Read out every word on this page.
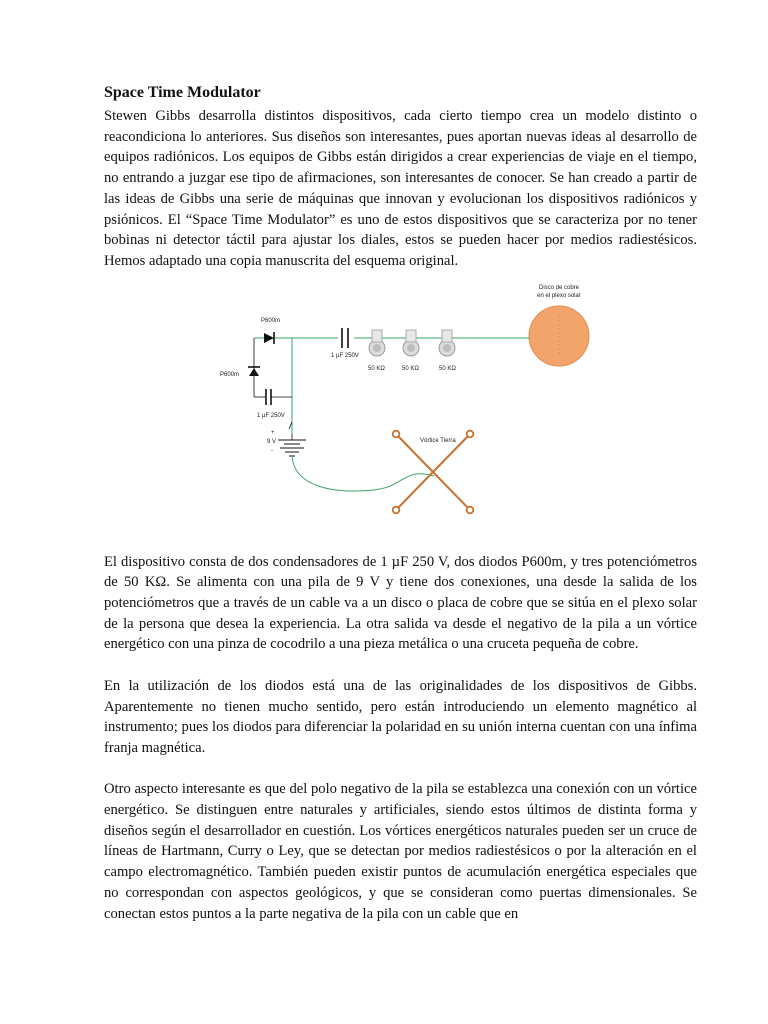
Space Time Modulator

Stewen Gibbs desarrolla distintos dispositivos, cada cierto tiempo crea un modelo distinto o reacondiciona lo anteriores. Sus diseños son interesantes, pues aportan nuevas ideas al desarrollo de equipos radiónicos. Los equipos de Gibbs están dirigidos a crear experiencias de viaje en el tiempo, no entrando a juzgar ese tipo de afirmaciones, son interesantes de conocer. Se han creado a partir de las ideas de Gibbs una serie de máquinas que innovan y evolucionan los dispositivos radiónicos y psiónicos. El “Space Time Modulator” es uno de estos dispositivos que se caracteriza por no tener bobinas ni detector táctil para ajustar los diales, estos se pueden hacer por medios radiestésicos. Hemos adaptado una copia manuscrita del esquema original.

Disco de cobre
en el plexo solar
P600m
P600m
1 µF 250V
1 µF 250V
50 KΩ	50 KΩ	50 KΩ
+
9 V
-
Vórtice Tierra

El dispositivo consta de dos condensadores de 1 µF 250 V, dos diodos P600m, y tres potenciómetros de 50 KΩ. Se alimenta con una pila de 9 V y tiene dos conexiones, una desde la salida de los potenciómetros que a través de un cable va a un disco o placa de cobre que se sitúa en el plexo solar de la persona que desea la experiencia. La otra salida va desde el negativo de la pila a un vórtice energético con una pinza de cocodrilo a una pieza metálica o una cruceta pequeña de cobre.

En la utilización de los diodos está una de las originalidades de los dispositivos de Gibbs. Aparentemente no tienen mucho sentido, pero están introduciendo un elemento magnético al instrumento; pues los diodos para diferenciar la polaridad en su unión interna cuentan con una ínfima franja magnética.

Otro aspecto interesante es que del polo negativo de la pila se establezca una conexión con un vórtice energético. Se distinguen entre naturales y artificiales, siendo estos últimos de distinta forma y diseños según el desarrollador en cuestión. Los vórtices energéticos naturales pueden ser un cruce de líneas de Hartmann, Curry o Ley, que se detectan por medios radiestésicos o por la alteración en el campo electromagnético. También pueden existir puntos de acumulación energética especiales que no correspondan con aspectos geológicos, y que se consideran como puertas dimensionales. Se conectan estos puntos a la parte negativa de la pila con un cable que en
